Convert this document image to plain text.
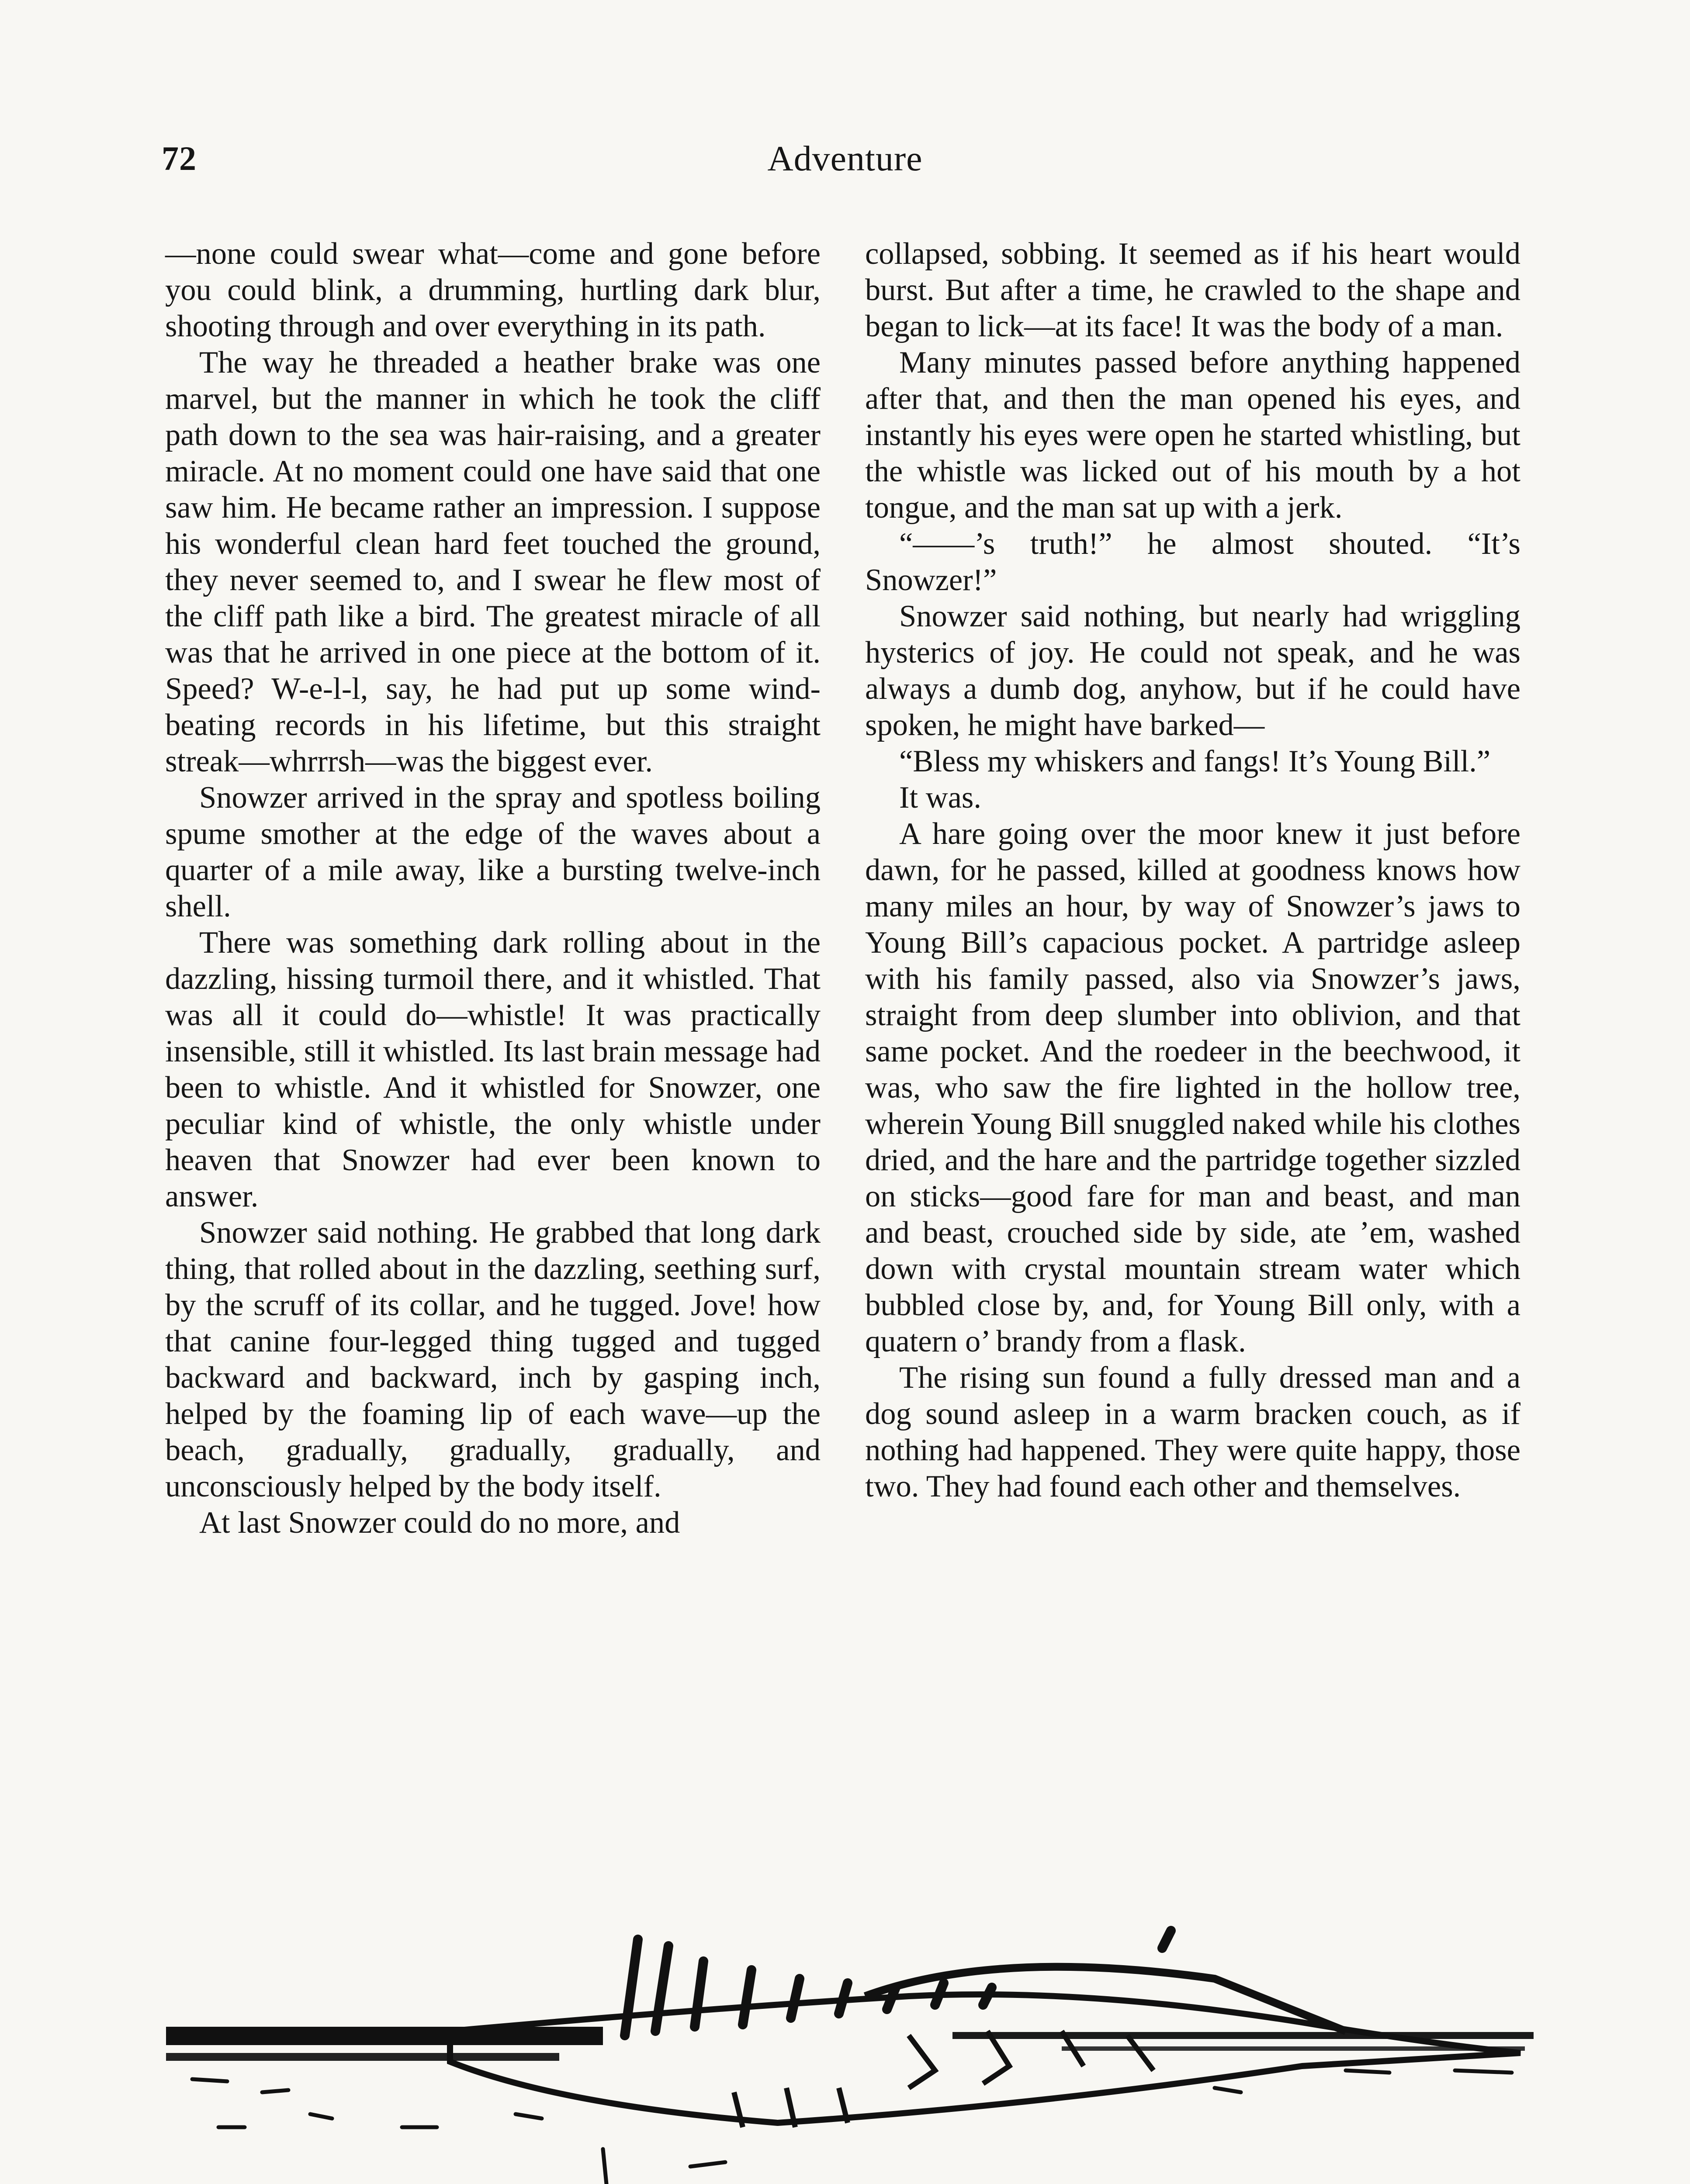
72	Adventure

—none could swear what—come and gone before you could blink, a drumming, hurtling dark blur, shooting through and over everything in its path.

The way he threaded a heather brake was one marvel, but the manner in which he took the cliff path down to the sea was hair-raising, and a greater miracle. At no moment could one have said that one saw him. He became rather an impression. I suppose his wonderful clean hard feet touched the ground, they never seemed to, and I swear he flew most of the cliff path like a bird. The greatest miracle of all was that he arrived in one piece at the bottom of it. Speed? W-e-l-l, say, he had put up some wind-beating records in his lifetime, but this straight streak—whrrrsh—was the biggest ever.

Snowzer arrived in the spray and spotless boiling spume smother at the edge of the waves about a quarter of a mile away, like a bursting twelve-inch shell.

There was something dark rolling about in the dazzling, hissing turmoil there, and it whistled. That was all it could do—whistle! It was practically insensible, still it whistled. Its last brain message had been to whistle. And it whistled for Snowzer, one peculiar kind of whistle, the only whistle under heaven that Snowzer had ever been known to answer.

Snowzer said nothing. He grabbed that long dark thing, that rolled about in the dazzling, seething surf, by the scruff of its collar, and he tugged. Jove! how that canine four-legged thing tugged and tugged backward and backward, inch by gasping inch, helped by the foaming lip of each wave—up the beach, gradually, gradually, gradually, and unconsciously helped by the body itself.

At last Snowzer could do no more, and

collapsed, sobbing. It seemed as if his heart would burst. But after a time, he crawled to the shape and began to lick—at its face! It was the body of a man.

Many minutes passed before anything happened after that, and then the man opened his eyes, and instantly his eyes were open he started whistling, but the whistle was licked out of his mouth by a hot tongue, and the man sat up with a jerk.

“——’s truth!” he almost shouted. “It’s Snowzer!”

Snowzer said nothing, but nearly had wriggling hysterics of joy. He could not speak, and he was always a dumb dog, anyhow, but if he could have spoken, he might have barked—

“Bless my whiskers and fangs! It’s Young Bill.”

It was.

A hare going over the moor knew it just before dawn, for he passed, killed at goodness knows how many miles an hour, by way of Snowzer’s jaws to Young Bill’s capacious pocket. A partridge asleep with his family passed, also via Snowzer’s jaws, straight from deep slumber into oblivion, and that same pocket. And the roedeer in the beechwood, it was, who saw the fire lighted in the hollow tree, wherein Young Bill snuggled naked while his clothes dried, and the hare and the partridge together sizzled on sticks—good fare for man and beast, and man and beast, crouched side by side, ate ’em, washed down with crystal mountain stream water which bubbled close by, and, for Young Bill only, with a quatern o’ brandy from a flask.

The rising sun found a fully dressed man and a dog sound asleep in a warm bracken couch, as if nothing had happened. They were quite happy, those two. They had found each other and themselves.
